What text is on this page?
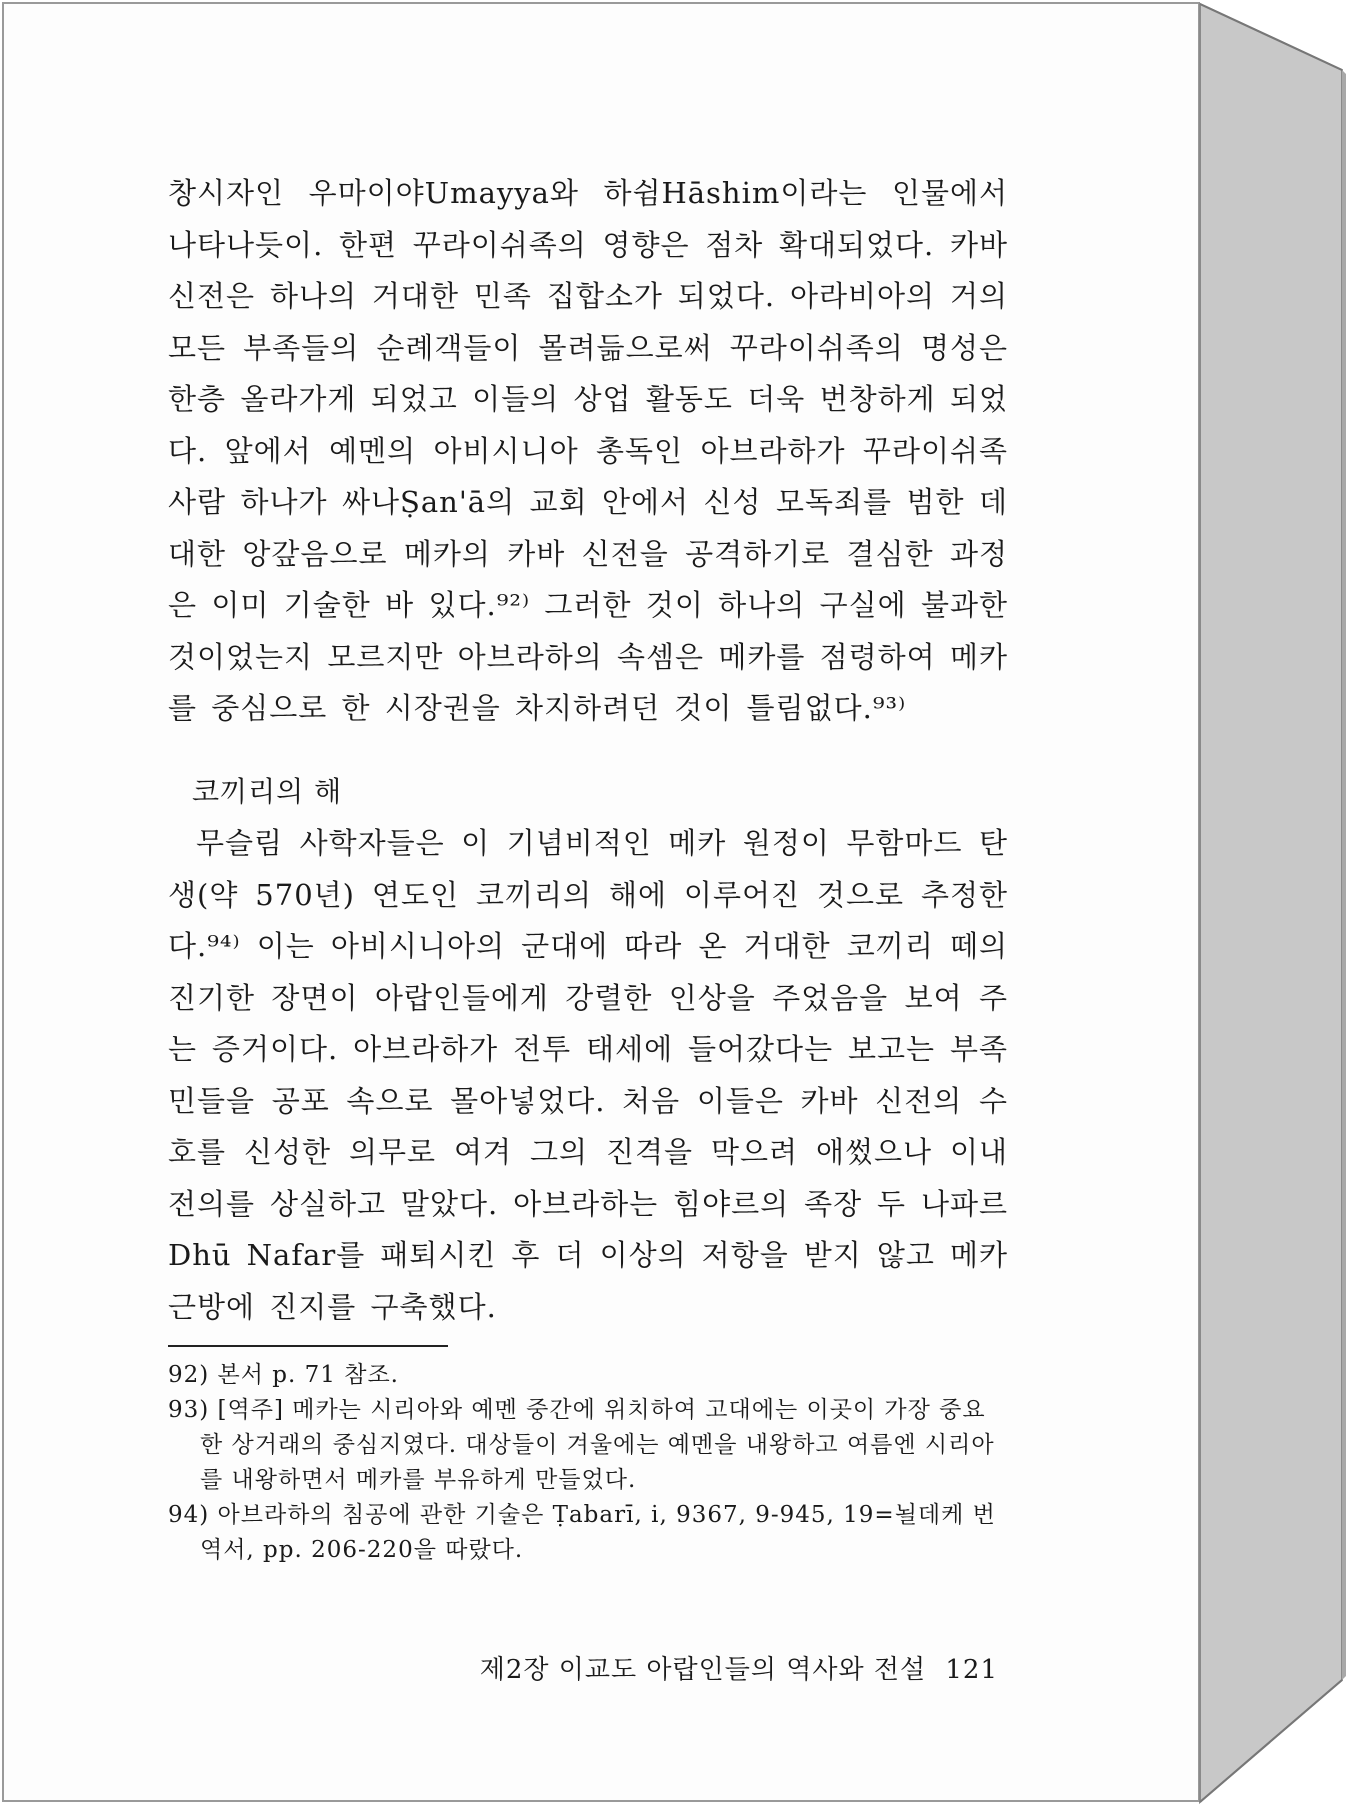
창시자인 우마이야Umayya와 하쉼Hāshim이라는 인물에서 나타나듯이. 한편 꾸라이쉬족의 영향은 점차 확대되었다. 카바 신전은 하나의 거대한 민족 집합소가 되었다. 아라비아의 거의 모든 부족들의 순례객들이 몰려듦으로써 꾸라이쉬족의 명성은 한층 올라가게 되었고 이들의 상업 활동도 더욱 번창하게 되었다. 앞에서 예멘의 아비시니아 총독인 아브라하가 꾸라이쉬족 사람 하나가 싸나Ṣan'ā의 교회 안에서 신성 모독죄를 범한 데 대한 앙갚음으로 메카의 카바 신전을 공격하기로 결심한 과정은 이미 기술한 바 있다.⁹²⁾ 그러한 것이 하나의 구실에 불과한 것이었는지 모르지만 아브라하의 속셈은 메카를 점령하여 메카를 중심으로 한 시장권을 차지하려던 것이 틀림없다.⁹³⁾

코끼리의 해

무슬림 사학자들은 이 기념비적인 메카 원정이 무함마드 탄생(약 570년) 연도인 코끼리의 해에 이루어진 것으로 추정한다.⁹⁴⁾ 이는 아비시니아의 군대에 따라 온 거대한 코끼리 떼의 진기한 장면이 아랍인들에게 강렬한 인상을 주었음을 보여 주는 증거이다. 아브라하가 전투 태세에 들어갔다는 보고는 부족민들을 공포 속으로 몰아넣었다. 처음 이들은 카바 신전의 수호를 신성한 의무로 여겨 그의 진격을 막으려 애썼으나 이내 전의를 상실하고 말았다. 아브라하는 힘야르의 족장 두 나파르Dhū Nafar를 패퇴시킨 후 더 이상의 저항을 받지 않고 메카 근방에 진지를 구축했다.

92) 본서 p. 71 참조.

93) [역주] 메카는 시리아와 예멘 중간에 위치하여 고대에는 이곳이 가장 중요한 상거래의 중심지였다. 대상들이 겨울에는 예멘을 내왕하고 여름엔 시리아를 내왕하면서 메카를 부유하게 만들었다.

94) 아브라하의 침공에 관한 기술은 Ṭabarī, i, 9367, 9-945, 19=뇔데케 번역서, pp. 206-220을 따랐다.

제2장 이교도 아랍인들의 역사와 전설 121
